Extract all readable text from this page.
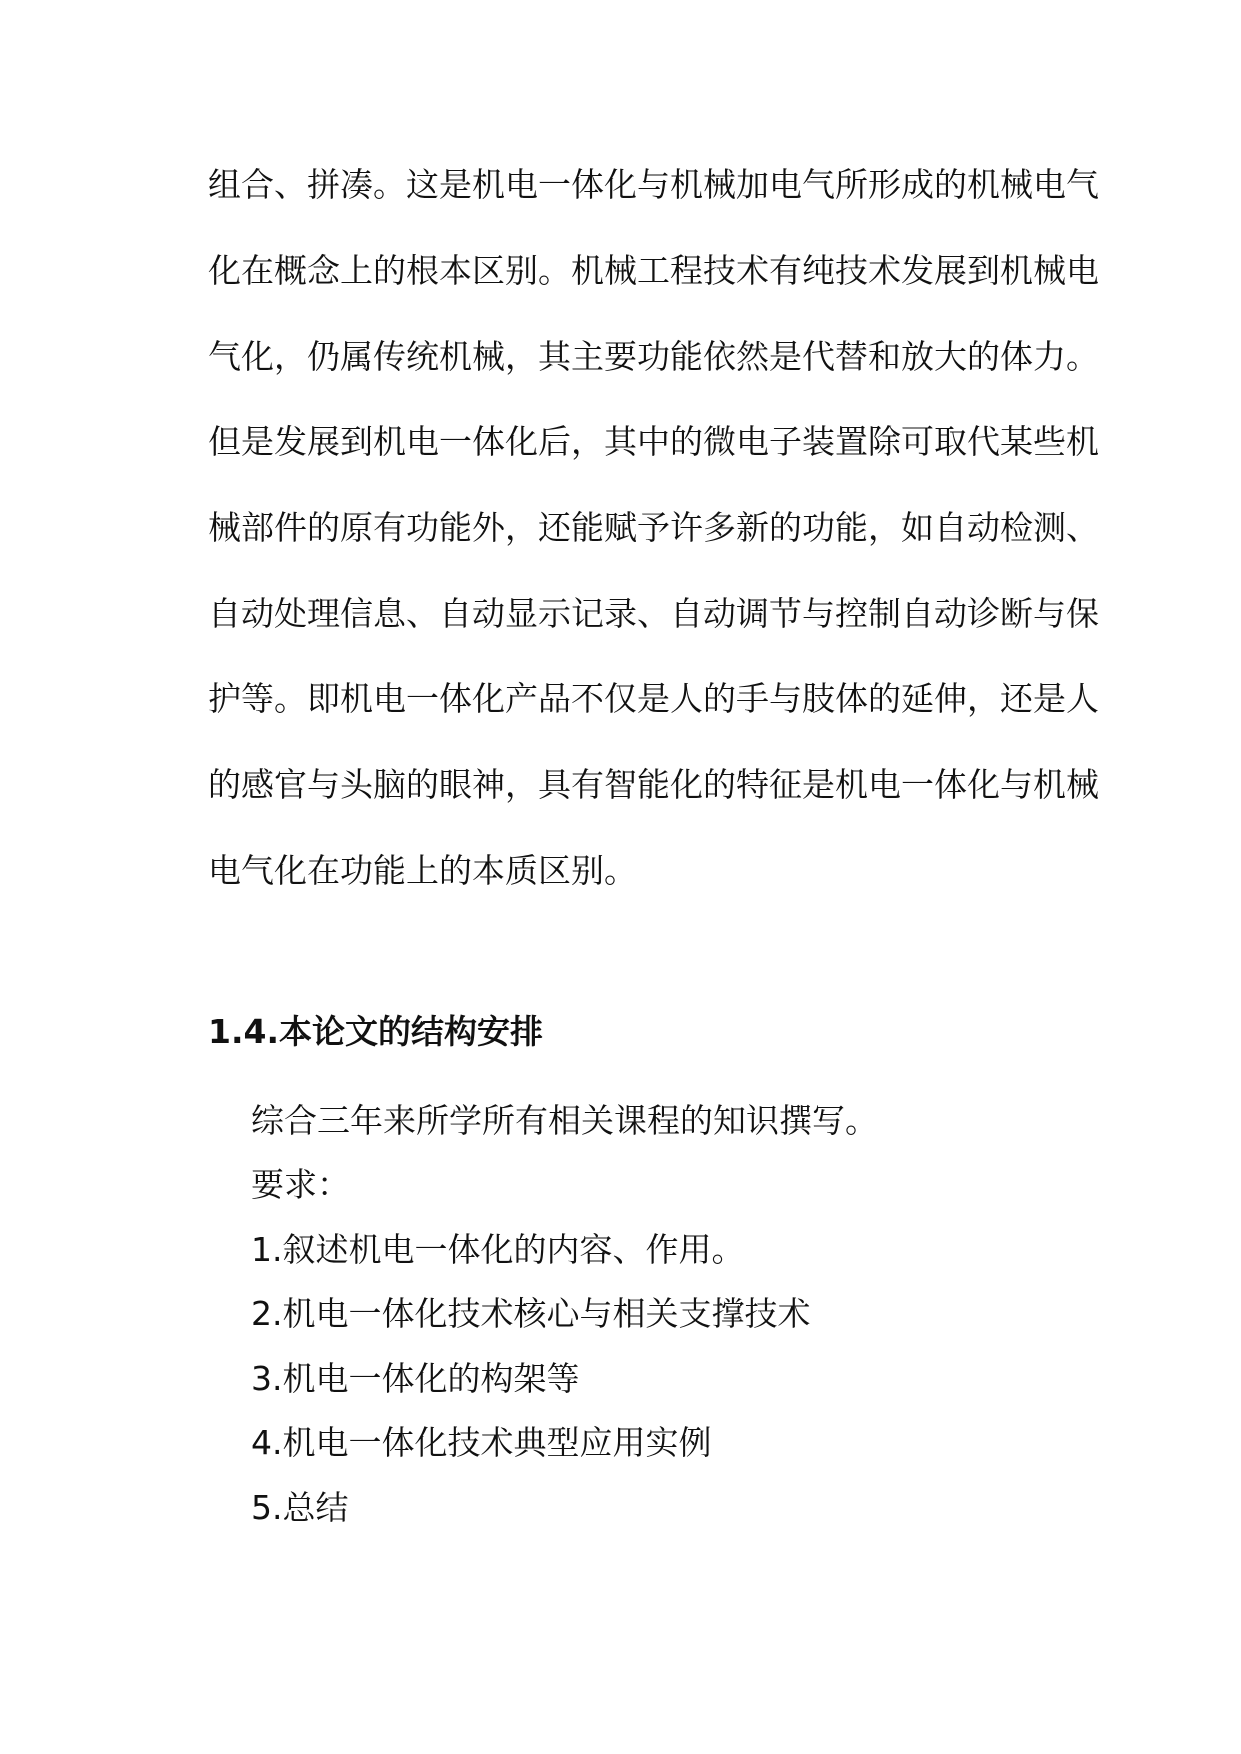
组合、拼凑。这是机电一体化与机械加电气所形成的机械电气
化在概念上的根本区别。机械工程技术有纯技术发展到机械电
气化，仍属传统机械，其主要功能依然是代替和放大的体力。
但是发展到机电一体化后，其中的微电子装置除可取代某些机
械部件的原有功能外，还能赋予许多新的功能，如自动检测、
自动处理信息、自动显示记录、自动调节与控制自动诊断与保
护等。即机电一体化产品不仅是人的手与肢体的延伸，还是人
的感官与头脑的眼神，具有智能化的特征是机电一体化与机械
电气化在功能上的本质区别。
1.4.本论文的结构安排
综合三年来所学所有相关课程的知识撰写。
要求：
1.叙述机电一体化的内容、作用。
2.机电一体化技术核心与相关支撑技术
3.机电一体化的构架等
4.机电一体化技术典型应用实例
5.总结
